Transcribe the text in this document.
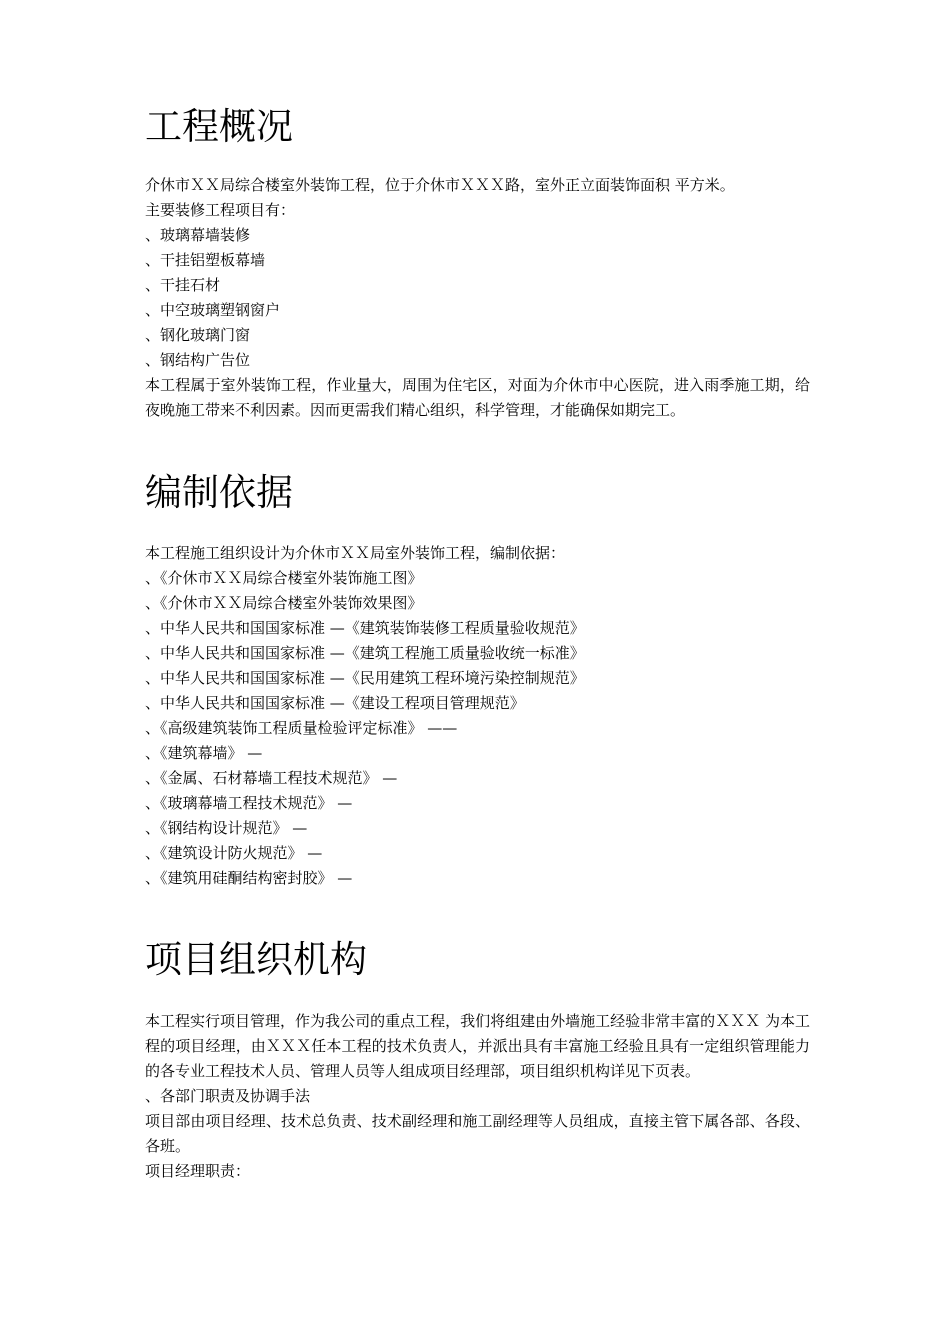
工程概况

介休市ＸＸ局综合楼室外装饰工程，位于介休市ＸＸＸ路，室外正立面装饰面积 平方米。

主要装修工程项目有：

、玻璃幕墙装修

、干挂铝塑板幕墙

、干挂石材

、中空玻璃塑钢窗户

、钢化玻璃门窗

、钢结构广告位

本工程属于室外装饰工程，作业量大，周围为住宅区，对面为介休市中心医院，进入雨季施工期，给夜晚施工带来不利因素。因而更需我们精心组织，科学管理，才能确保如期完工。

编制依据

本工程施工组织设计为介休市ＸＸ局室外装饰工程，编制依据：

、《介休市ＸＸ局综合楼室外装饰施工图》

、《介休市ＸＸ局综合楼室外装饰效果图》

、中华人民共和国国家标准 —《建筑装饰装修工程质量验收规范》

、中华人民共和国国家标准 —《建筑工程施工质量验收统一标准》

、中华人民共和国国家标准 —《民用建筑工程环境污染控制规范》

、中华人民共和国国家标准 —《建设工程项目管理规范》

、《高级建筑装饰工程质量检验评定标准》 ——

、《建筑幕墙》 —

、《金属、石材幕墙工程技术规范》 —

、《玻璃幕墙工程技术规范》 —

、《钢结构设计规范》 —

、《建筑设计防火规范》 —

、《建筑用硅酮结构密封胶》 —

项目组织机构

本工程实行项目管理，作为我公司的重点工程，我们将组建由外墙施工经验非常丰富的ＸＸＸ 为本工程的项目经理，由ＸＸＸ任本工程的技术负责人，并派出具有丰富施工经验且具有一定组织管理能力的各专业工程技术人员、管理人员等人组成项目经理部，项目组织机构详见下页表。

、各部门职责及协调手法

项目部由项目经理、技术总负责、技术副经理和施工副经理等人员组成，直接主管下属各部、各段、各班。

项目经理职责：
